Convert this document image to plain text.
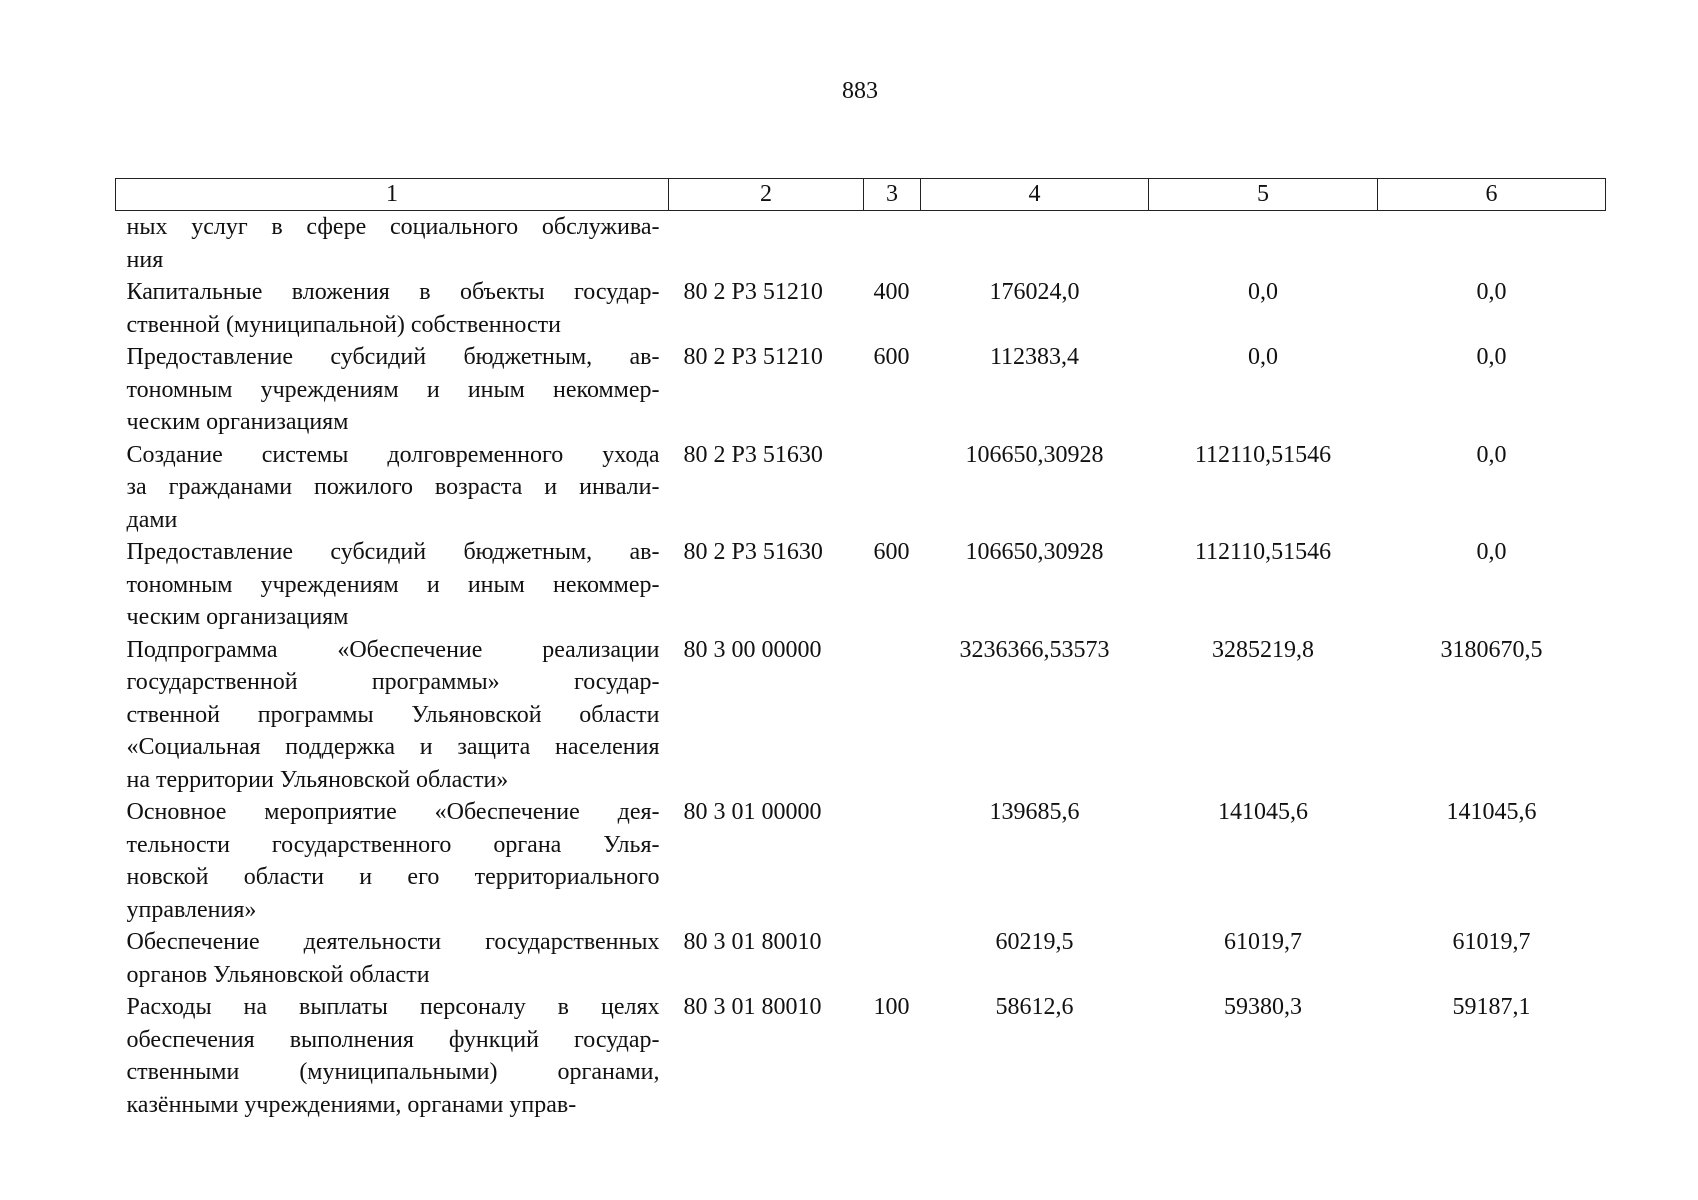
883
1	2	3	4	5	6

ных услуг в сфере социального обслужива-
ния					

Капитальные вложения в объекты государ-
ственной (муниципальной) собственности	80 2 P3 51210	400	176024,0	0,0	0,0

Предоставление субсидий бюджетным, ав-
тономным учреждениям и иным некоммер-
ческим организациям	80 2 P3 51210	600	112383,4	0,0	0,0

Создание системы долговременного ухода
за гражданами пожилого возраста и инвали-
дами	80 2 P3 51630		106650,30928	112110,51546	0,0

Предоставление субсидий бюджетным, ав-
тономным учреждениям и иным некоммер-
ческим организациям	80 2 P3 51630	600	106650,30928	112110,51546	0,0

Подпрограмма «Обеспечение реализации
государственной программы» государ-
ственной программы Ульяновской области
«Социальная поддержка и защита населения
на территории Ульяновской области»	80 3 00 00000		3236366,53573	3285219,8	3180670,5

Основное мероприятие «Обеспечение дея-
тельности государственного органа Улья-
новской области и его территориального
управления»	80 3 01 00000		139685,6	141045,6	141045,6

Обеспечение деятельности государственных
органов Ульяновской области	80 3 01 80010		60219,5	61019,7	61019,7

Расходы на выплаты персоналу в целях
обеспечения выполнения функций государ-
ственными (муниципальными) органами,
казёнными учреждениями, органами управ-	80 3 01 80010	100	58612,6	59380,3	59187,1
